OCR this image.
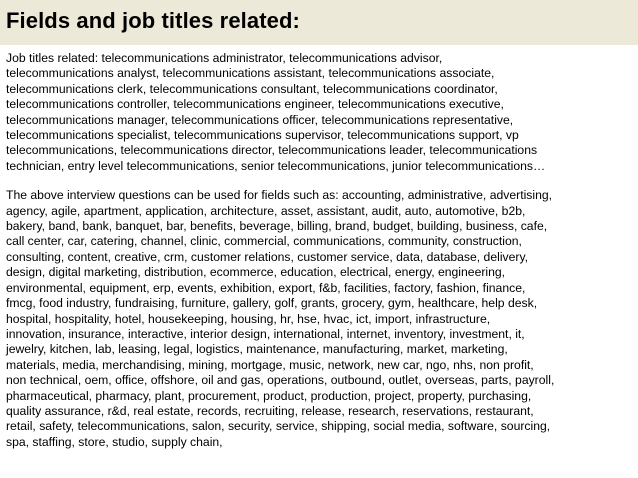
Fields and job titles related:

Job titles related: telecommunications administrator, telecommunications advisor,
telecommunications analyst, telecommunications assistant, telecommunications associate,
telecommunications clerk, telecommunications consultant, telecommunications coordinator,
telecommunications controller, telecommunications engineer, telecommunications executive,
telecommunications manager, telecommunications officer, telecommunications representative,
telecommunications specialist, telecommunications supervisor, telecommunications support, vp
telecommunications, telecommunications director, telecommunications leader, telecommunications
technician, entry level telecommunications, senior telecommunications, junior telecommunications…

The above interview questions can be used for fields such as: accounting, administrative, advertising,
agency, agile, apartment, application, architecture, asset, assistant, audit, auto, automotive, b2b,
bakery, band, bank, banquet, bar, benefits, beverage, billing, brand, budget, building, business, cafe,
call center, car, catering, channel, clinic, commercial, communications, community, construction,
consulting, content, creative, crm, customer relations, customer service, data, database, delivery,
design, digital marketing, distribution, ecommerce, education, electrical, energy, engineering,
environmental, equipment, erp, events, exhibition, export, f&b, facilities, factory, fashion, finance,
fmcg, food industry, fundraising, furniture, gallery, golf, grants, grocery, gym, healthcare, help desk,
hospital, hospitality, hotel, housekeeping, housing, hr, hse, hvac, ict, import, infrastructure,
innovation, insurance, interactive, interior design, international, internet, inventory, investment, it,
jewelry, kitchen, lab, leasing, legal, logistics, maintenance, manufacturing, market, marketing,
materials, media, merchandising, mining, mortgage, music, network, new car, ngo, nhs, non profit,
non technical, oem, office, offshore, oil and gas, operations, outbound, outlet, overseas, parts, payroll,
pharmaceutical, pharmacy, plant, procurement, product, production, project, property, purchasing,
quality assurance, r&d, real estate, records, recruiting, release, research, reservations, restaurant,
retail, safety, telecommunications, salon, security, service, shipping, social media, software, sourcing,
spa, staffing, store, studio, supply chain,
